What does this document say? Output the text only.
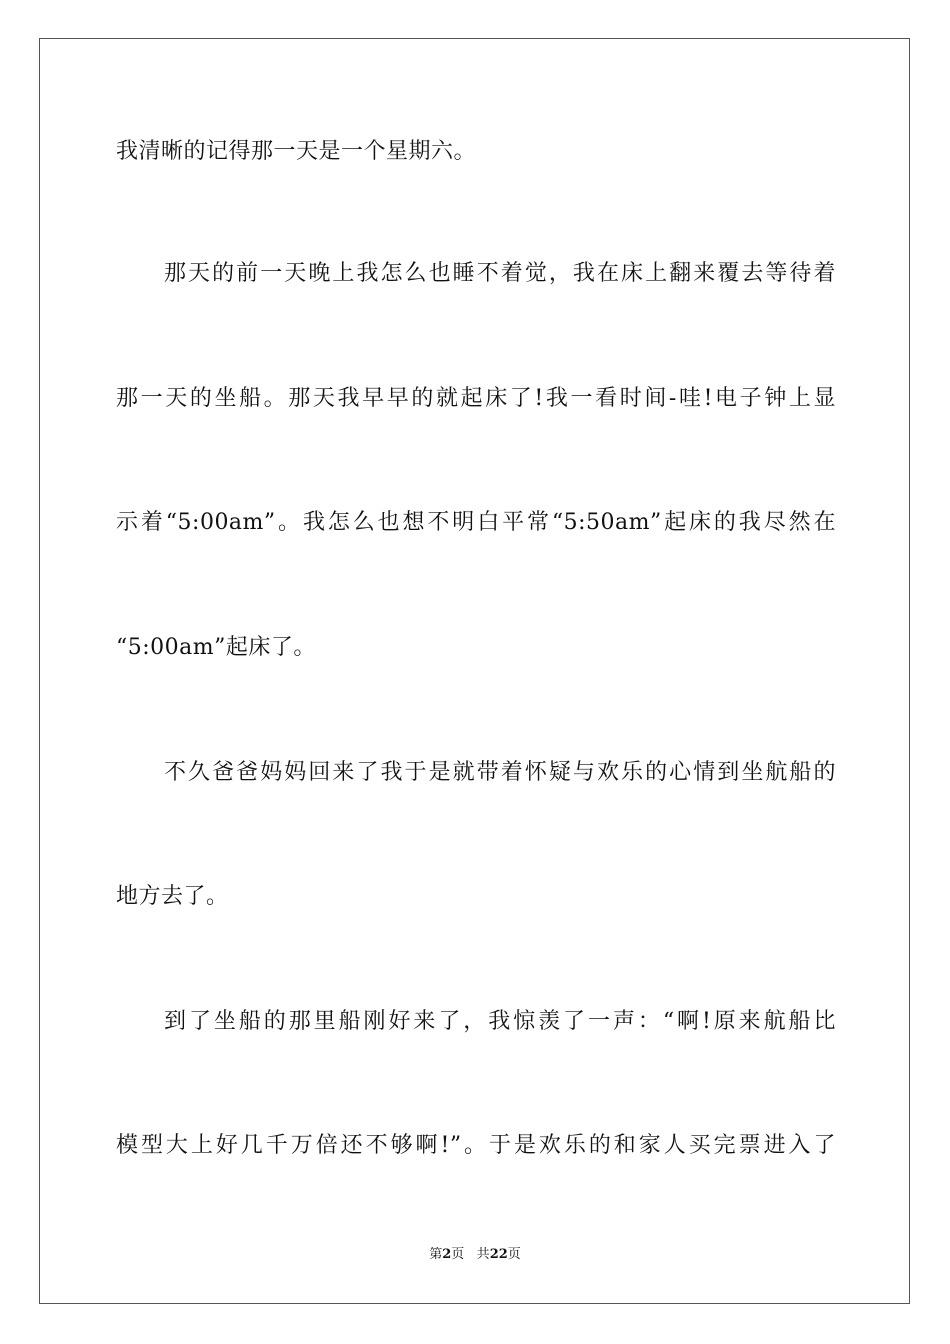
我清晰的记得那一天是一个星期六。
那天的前一天晚上我怎么也睡不着觉，我在床上翻来覆去等待着
那一天的坐船。那天我早早的就起床了!我一看时间-哇!电子钟上显
示着“5:00am”。我怎么也想不明白平常“5:50am”起床的我尽然在
“5:00am”起床了。
不久爸爸妈妈回来了我于是就带着怀疑与欢乐的心情到坐航船的
地方去了。
到了坐船的那里船刚好来了，我惊羡了一声：“啊!原来航船比
模型大上好几千万倍还不够啊!”。于是欢乐的和家人买完票进入了
第2页 共22页
